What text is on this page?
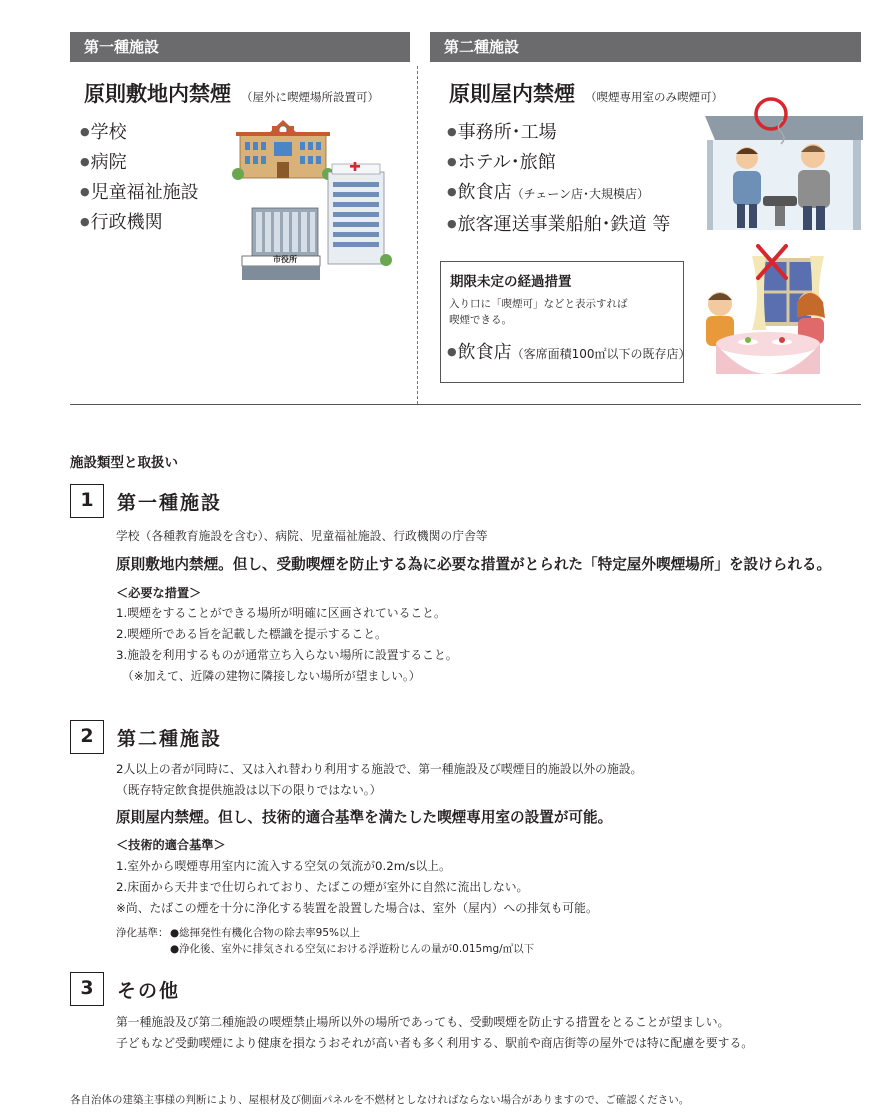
第一種施設	第二種施設
原則敷地内禁煙 （屋外に喫煙場所設置可）
● 学校
● 病院
● 児童福祉施設
● 行政機関
市役所
原則屋内禁煙 （喫煙専用室のみ喫煙可）
● 事務所･工場
● ホテル･旅館
● 飲食店（チェーン店･大規模店）
● 旅客運送事業船舶･鉄道 等
期限未定の経過措置
入り口に「喫煙可」などと表示すれば
喫煙できる。
● 飲食店（客席面積100㎡以下の既存店）
施設類型と取扱い
1	第一種施設
学校（各種教育施設を含む）、病院、児童福祉施設、行政機関の庁舎等
原則敷地内禁煙。但し、受動喫煙を防止する為に必要な措置がとられた「特定屋外喫煙場所」を設けられる。
＜必要な措置＞
1.喫煙をすることができる場所が明確に区画されていること。
2.喫煙所である旨を記載した標識を提示すること。
3.施設を利用するものが通常立ち入らない場所に設置すること。
　（※加えて、近隣の建物に隣接しない場所が望ましい。）
2	第二種施設
2人以上の者が同時に、又は入れ替わり利用する施設で、第一種施設及び喫煙目的施設以外の施設。
（既存特定飲食提供施設は以下の限りではない。）
原則屋内禁煙。但し、技術的適合基準を満たした喫煙専用室の設置が可能。
＜技術的適合基準＞
1.室外から喫煙専用室内に流入する空気の気流が0.2m/s以上。
2.床面から天井まで仕切られており、たばこの煙が室外に自然に流出しない。
※尚、たばこの煙を十分に浄化する装置を設置した場合は、室外（屋内）への排気も可能。
浄化基準： ●総揮発性有機化合物の除去率95%以上
●浄化後、室外に排気される空気における浮遊粉じんの量が0.015mg/㎥以下
3	その他
第一種施設及び第二種施設の喫煙禁止場所以外の場所であっても、受動喫煙を防止する措置をとることが望ましい。
子どもなど受動喫煙により健康を損なうおそれが高い者も多く利用する、駅前や商店街等の屋外では特に配慮を要する。
各自治体の建築主事様の判断により、屋根材及び側面パネルを不燃材としなければならない場合がありますので、ご確認ください。
